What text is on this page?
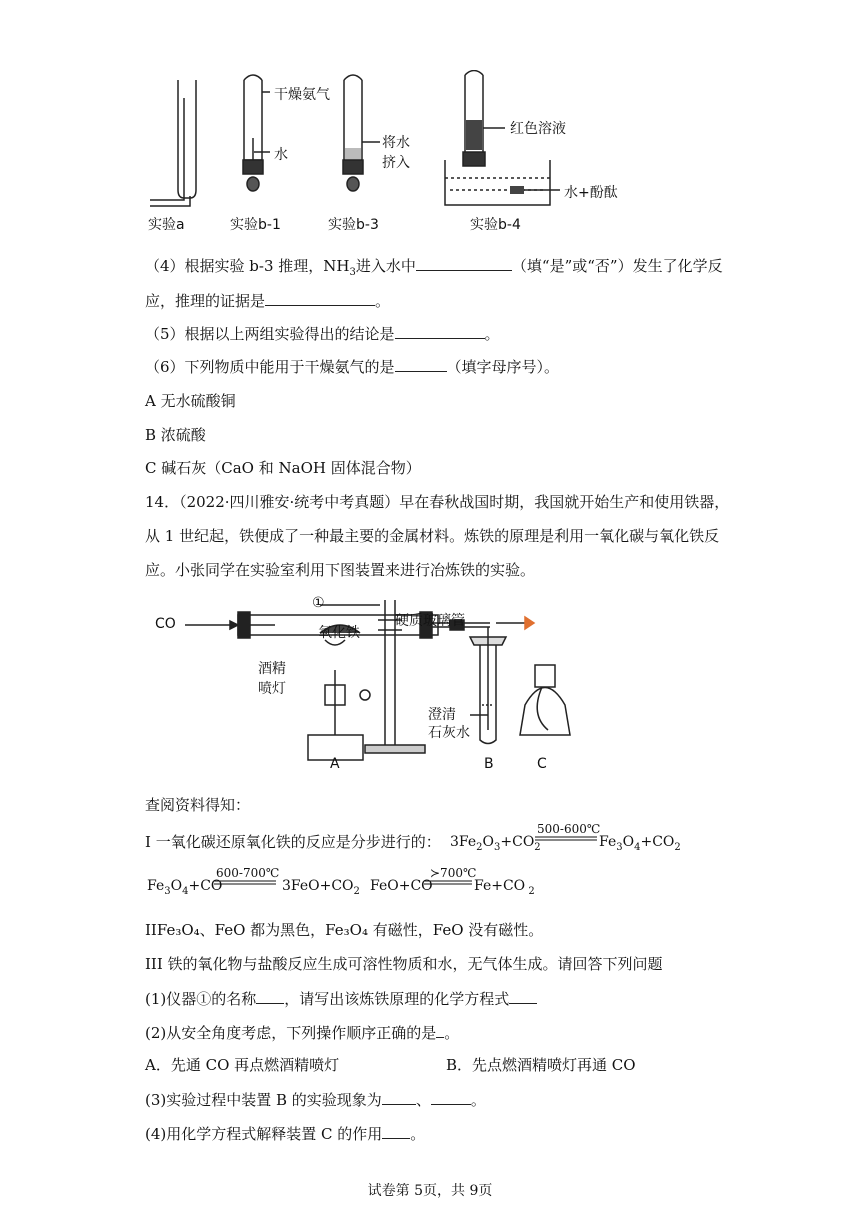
干燥氨气
水
将水
挤入
红色溶液
水+酚酞
实验a	实验b-1	实验b-3	实验b-4
（4）根据实验 b-3 推理，$NH_3$进入水中	（填“是”或“否”）发生了化学反
应，推理的证据是	。
（5）根据以上两组实验得出的结论是	。
（6）下列物质中能用于干燥氨气的是	（填字母序号）。
A 无水硫酸铜
B 浓硫酸
C 碱石灰（CaO 和 NaOH 固体混合物）
14．（2022·四川雅安·统考中考真题）早在春秋战国时期，我国就开始生产和使用铁器，
从 1 世纪起，铁便成了一种最主要的金属材料。炼铁的原理是利用一氧化碳与氧化铁反
应。小张同学在实验室利用下图装置来进行冶炼铁的实验。
①
硬质玻璃管
氧化铁
CO
酒精
喷灯
澄清
石灰水
A	B	C
查阅资料得知：
I 一氧化碳还原氧化铁的反应是分步进行的： $3Fe_2O_3+CO_2$
500-600℃
$Fe_3O_4+CO_2$
$Fe_3O_4+CO$
600-700℃
$3FeO+CO_2$ FeO+CO
≻700℃
Fe+CO $_2$
IIFe₃O₄、FeO 都为黑色，Fe₃O₄ 有磁性，FeO 没有磁性。
III 铁的氧化物与盐酸反应生成可溶性物质和水，无气体生成。请回答下列问题
(1)仪器①的名称 ，请写出该炼铁原理的化学方程式
(2)从安全角度考虑，下列操作顺序正确的是 。
A．先通 CO 再点燃酒精喷灯	B．先点燃酒精喷灯再通 CO
(3)实验过程中装置 B 的实验现象为 、	。
(4)用化学方程式解释装置 C 的作用 。
试卷第 5页，共 9页
